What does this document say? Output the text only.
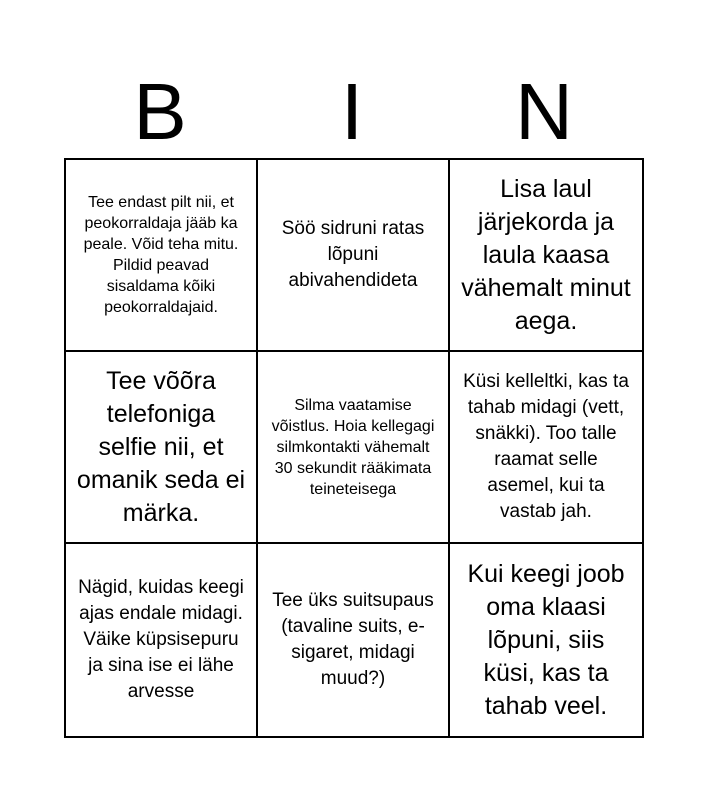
B	I	N
Tee endast pilt nii, et peokorraldaja jääb ka peale. Võid teha mitu. Pildid peavad sisaldama kõiki peokorraldajaid.
Söö sidruni ratas lõpuni abivahendideta
Lisa laul järjekorda ja laula kaasa vähemalt minut aega.
Tee võõra telefoniga selfie nii, et omanik seda ei märka.
Silma vaatamise võistlus. Hoia kellegagi silmkontakti vähemalt 30 sekundit rääkimata teineteisega
Küsi kelleltki, kas ta tahab midagi (vett, snäkki). Too talle raamat selle asemel, kui ta vastab jah.
Nägid, kuidas keegi ajas endale midagi. Väike küpsisepuru ja sina ise ei lähe arvesse
Tee üks suitsupaus (tavaline suits, e-sigaret, midagi muud?)
Kui keegi joob oma klaasi lõpuni, siis küsi, kas ta tahab veel.
